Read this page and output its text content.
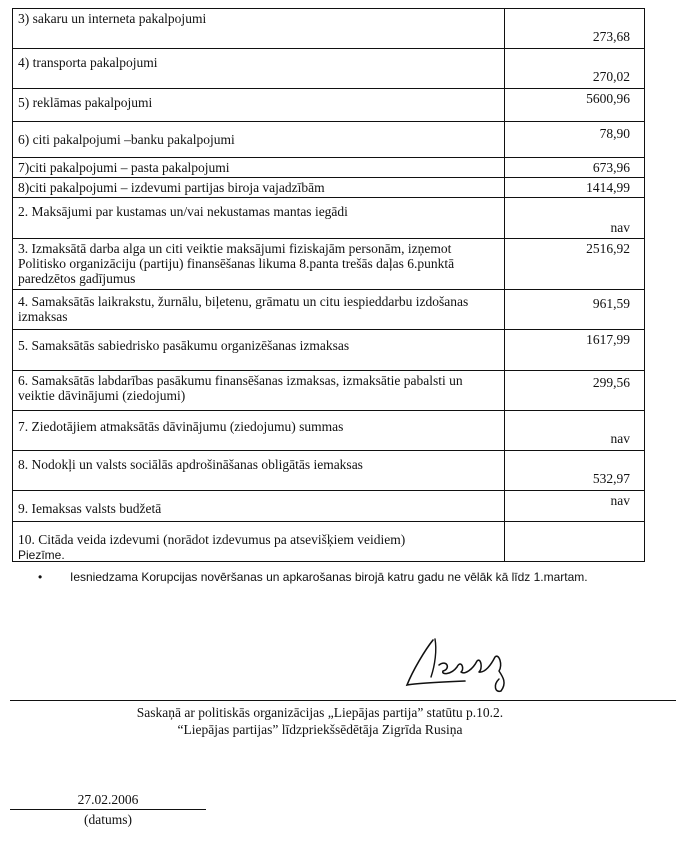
3) sakaru un interneta pakalpojumi	273,68
4) transporta pakalpojumi	270,02
5) reklāmas pakalpojumi	5600,96
6) citi pakalpojumi –banku pakalpojumi	78,90
7)citi pakalpojumi – pasta pakalpojumi	673,96
8)citi pakalpojumi – izdevumi partijas biroja vajadzībām	1414,99
2. Maksājumi par kustamas un/vai nekustamas mantas iegādi	nav
3. Izmaksātā darba alga un citi veiktie maksājumi fiziskajām personām, izņemot Politisko organizāciju (partiju) finansēšanas likuma 8.panta trešās daļas 6.punktā paredzētos gadījumus	2516,92
4. Samaksātās laikrakstu, žurnālu, biļetenu, grāmatu un citu iespieddarbu izdošanas izmaksas	961,59
5. Samaksātās sabiedrisko pasākumu organizēšanas izmaksas	1617,99
6. Samaksātās labdarības pasākumu finansēšanas izmaksas, izmaksātie pabalsti un veiktie dāvinājumi (ziedojumi)	299,56
7. Ziedotājiem atmaksātās dāvinājumu (ziedojumu) summas	nav
8. Nodokļi un valsts sociālās apdrošināšanas obligātās iemaksas	532,97
9. Iemaksas valsts budžetā	nav
10. Citāda veida izdevumi (norādot izdevumus pa atsevišķiem veidiem)	
Piezīme.
• Iesniedzama Korupcijas novēršanas un apkarošanas birojā katru gadu ne vēlāk kā līdz 1.martam.
Saskaņā ar politiskās organizācijas „Liepājas partija” statūtu p.10.2.
“Liepājas partijas” līdzpriekšsēdētāja Zigrīda Rusiņa
27.02.2006
(datums)
